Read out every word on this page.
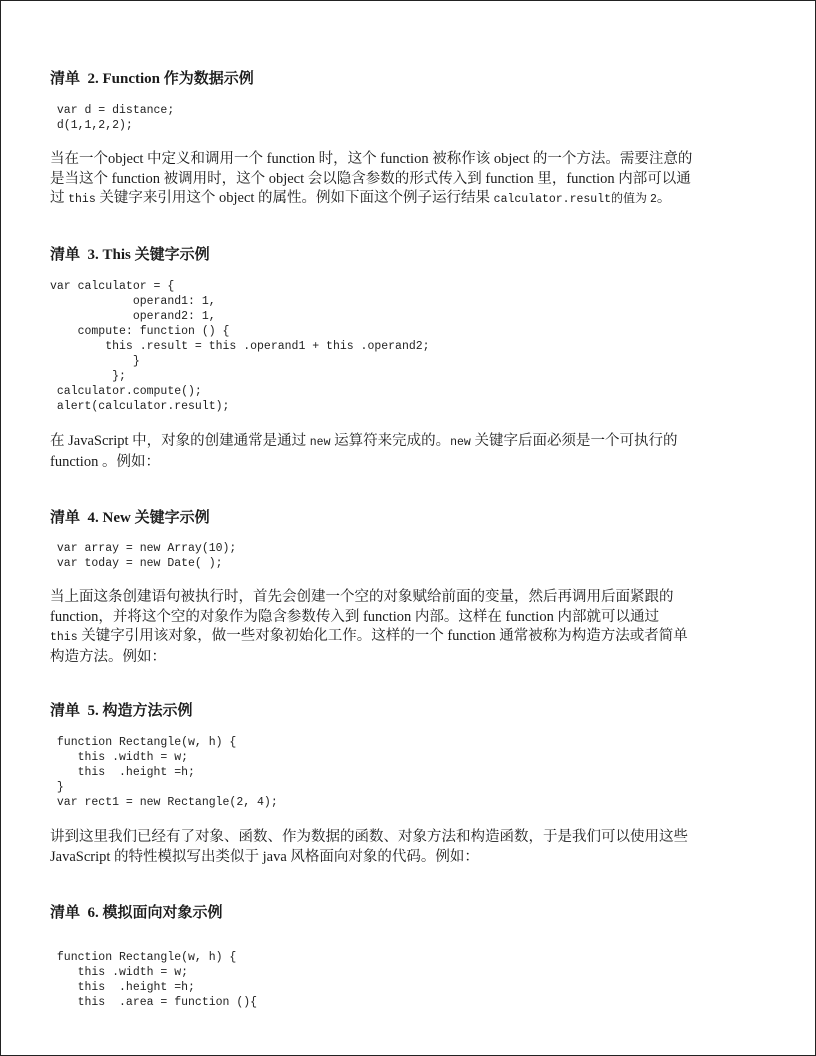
清单  2. Function 作为数据示例
var d = distance;
d(1,1,2,2);

当在一个object 中定义和调用一个 function 时，这个 function 被称作该 object 的一个方法。需要注意的
是当这个 function 被调用时，这个 object 会以隐含参数的形式传入到 function 里，function 内部可以通
过 this 关键字来引用这个 object 的属性。例如下面这个例子运行结果 calculator.result的值为 2。

清单  3. This 关键字示例
var calculator = {
operand1: 1,
operand2: 1,
compute: function () {
this .result = this .operand1 + this .operand2;
}
};
calculator.compute();
alert(calculator.result);

在 JavaScript 中，对象的创建通常是通过 new 运算符来完成的。new 关键字后面必须是一个可执行的
function 。例如：

清单  4. New 关键字示例
var array = new Array(10);
var today = new Date( );

当上面这条创建语句被执行时，首先会创建一个空的对象赋给前面的变量，然后再调用后面紧跟的
function，并将这个空的对象作为隐含参数传入到 function 内部。这样在 function 内部就可以通过
this 关键字引用该对象，做一些对象初始化工作。这样的一个 function 通常被称为构造方法或者简单
构造方法。例如：

清单  5. 构造方法示例
function Rectangle(w, h) {
this .width = w;
this  .height =h;
}
var rect1 = new Rectangle(2, 4);

讲到这里我们已经有了对象、函数、作为数据的函数、对象方法和构造函数，于是我们可以使用这些
JavaScript 的特性模拟写出类似于 java 风格面向对象的代码。例如：

清单  6. 模拟面向对象示例
function Rectangle(w, h) {
this .width = w;
this  .height =h;
this  .area = function (){
